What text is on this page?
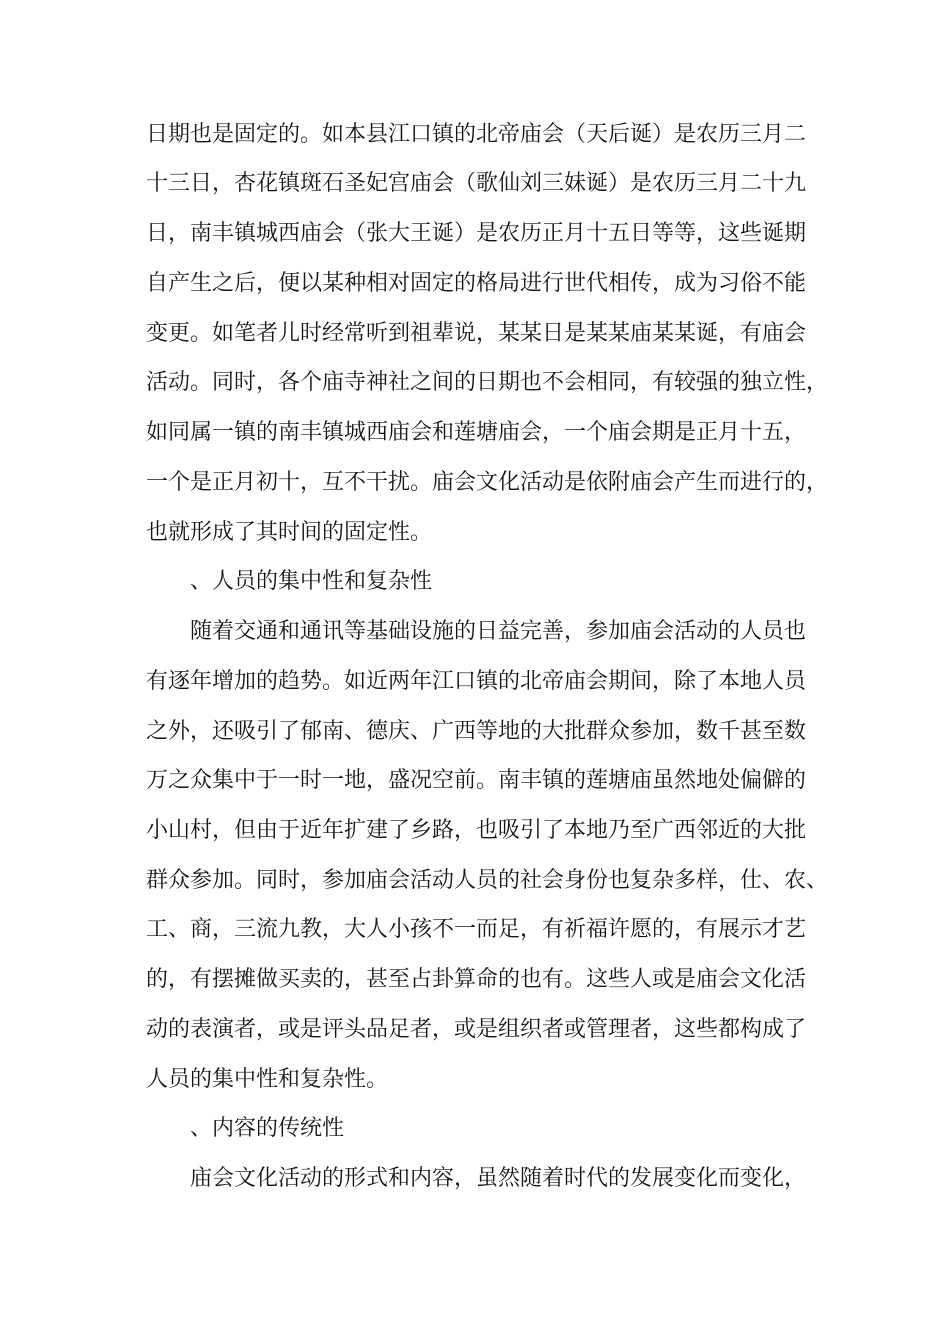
日期也是固定的。如本县江口镇的北帝庙会（天后诞）是农历三月二
十三日，杏花镇斑石圣妃宫庙会（歌仙刘三妹诞）是农历三月二十九
日，南丰镇城西庙会（张大王诞）是农历正月十五日等等，这些诞期
自产生之后，便以某种相对固定的格局进行世代相传，成为习俗不能
变更。如笔者儿时经常听到祖辈说，某某日是某某庙某某诞，有庙会
活动。同时，各个庙寺神社之间的日期也不会相同，有较强的独立性，
如同属一镇的南丰镇城西庙会和莲塘庙会，一个庙会期是正月十五，
一个是正月初十，互不干扰。庙会文化活动是依附庙会产生而进行的，
也就形成了其时间的固定性。
、人员的集中性和复杂性
随着交通和通讯等基础设施的日益完善，参加庙会活动的人员也
有逐年增加的趋势。如近两年江口镇的北帝庙会期间，除了本地人员
之外，还吸引了郁南、德庆、广西等地的大批群众参加，数千甚至数
万之众集中于一时一地，盛况空前。南丰镇的莲塘庙虽然地处偏僻的
小山村，但由于近年扩建了乡路，也吸引了本地乃至广西邻近的大批
群众参加。同时，参加庙会活动人员的社会身份也复杂多样，仕、农、
工、商，三流九教，大人小孩不一而足，有祈福许愿的，有展示才艺
的，有摆摊做买卖的，甚至占卦算命的也有。这些人或是庙会文化活
动的表演者，或是评头品足者，或是组织者或管理者，这些都构成了
人员的集中性和复杂性。
、内容的传统性
庙会文化活动的形式和内容，虽然随着时代的发展变化而变化，
